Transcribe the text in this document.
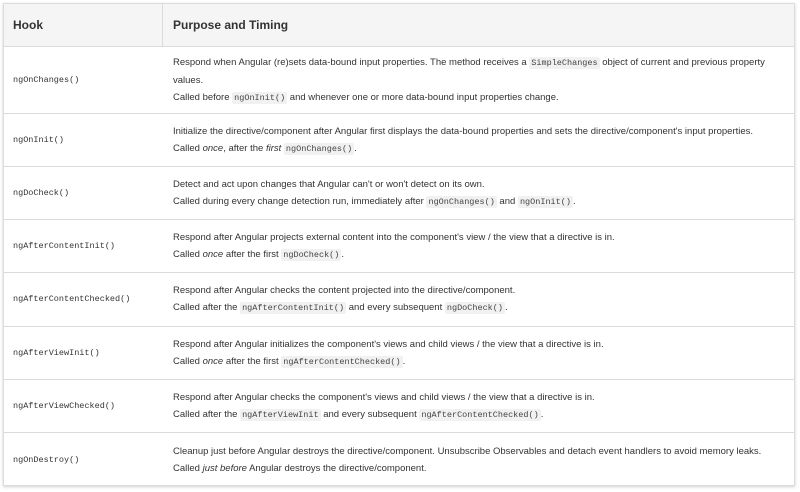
Hook	Purpose and Timing
ngOnChanges()

Respond when Angular (re)sets data-bound input properties. The method receives a SimpleChanges object of current and previous property values.

Called before ngOnInit() and whenever one or more data-bound input properties change.

ngOnInit()

Initialize the directive/component after Angular first displays the data-bound properties and sets the directive/component's input properties.

Called once, after the first ngOnChanges() .

ngDoCheck()

Detect and act upon changes that Angular can't or won't detect on its own.

Called during every change detection run, immediately after ngOnChanges() and ngOnInit() .

ngAfterContentInit()

Respond after Angular projects external content into the component's view / the view that a directive is in.

Called once after the first ngDoCheck() .

ngAfterContentChecked()

Respond after Angular checks the content projected into the directive/component.

Called after the ngAfterContentInit() and every subsequent ngDoCheck() .

ngAfterViewInit()

Respond after Angular initializes the component's views and child views / the view that a directive is in.

Called once after the first ngAfterContentChecked() .

ngAfterViewChecked()

Respond after Angular checks the component's views and child views / the view that a directive is in.

Called after the ngAfterViewInit and every subsequent ngAfterContentChecked() .

ngOnDestroy()

Cleanup just before Angular destroys the directive/component. Unsubscribe Observables and detach event handlers to avoid memory leaks.

Called just before Angular destroys the directive/component.
